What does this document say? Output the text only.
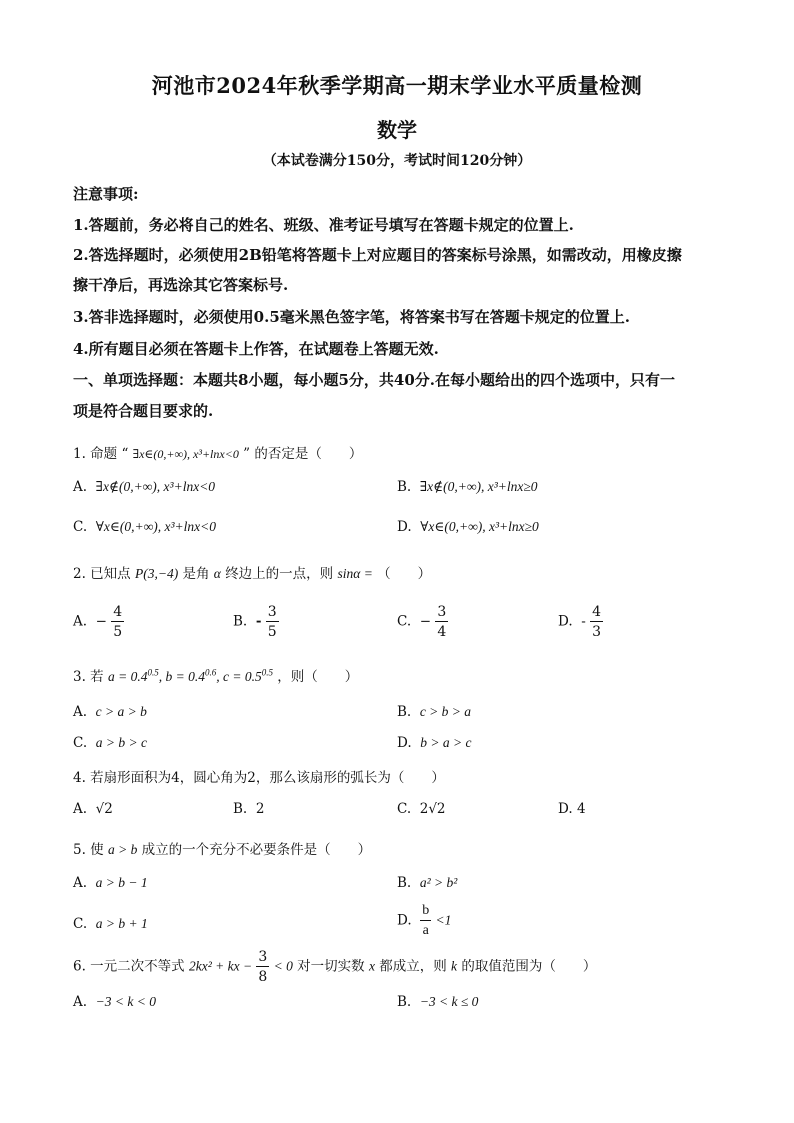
河池市2024年秋季学期高一期末学业水平质量检测
数学
（本试卷满分150分，考试时间120分钟）
注意事项:
1.答题前，务必将自己的姓名、班级、准考证号填写在答题卡规定的位置上.
2.答选择题时，必须使用2B铅笔将答题卡上对应题目的答案标号涂黑，如需改动，用橡皮擦
擦干净后，再选涂其它答案标号.
3.答非选择题时，必须使用0.5毫米黑色签字笔，将答案书写在答题卡规定的位置上.
4.所有题目必须在答题卡上作答，在试题卷上答题无效.
一、单项选择题：本题共8小题，每小题5分，共40分.在每小题给出的四个选项中，只有一
项是符合题目要求的.
1. 命题 “ ∃x∈(0,+∞), x³+lnx<0 ” 的否定是（　　）
A. ∃x∉(0,+∞), x³+lnx<0	B. ∃x∉(0,+∞), x³+lnx≥0
C. ∀x∈(0,+∞), x³+lnx<0	D. ∀x∈(0,+∞), x³+lnx≥0
2. 已知点 P(3,−4) 是角 α 终边上的一点，则 sinα = （　　）
A. − $\frac{4}{5}$	B. - $\frac{3}{5}$	C. − $\frac{3}{4}$	D. - $\frac{4}{3}$
3. 若 $a = 0.4^{0.5}$, $b = 0.4^{0.6}$, $c = 0.5^{0.5}$ ，则（　　）
A. c > a > b	B. c > b > a
C. a > b > c	D. b > a > c
4. 若扇形面积为4，圆心角为2，那么该扇形的弧长为（　　）
A. √2	B. 2	C. 2√2	D. 4
5. 使 a > b 成立的一个充分不必要条件是（　　）
A. a > b − 1	B. a² > b²
C. a > b + 1	D. $\frac{b}{a} <1$
6. 一元二次不等式 2kx² + kx − $\frac{3}{8} < 0$ 对一切实数 x 都成立，则 k 的取值范围为（　　）
A. −3 < k < 0	B. −3 < k ≤ 0
